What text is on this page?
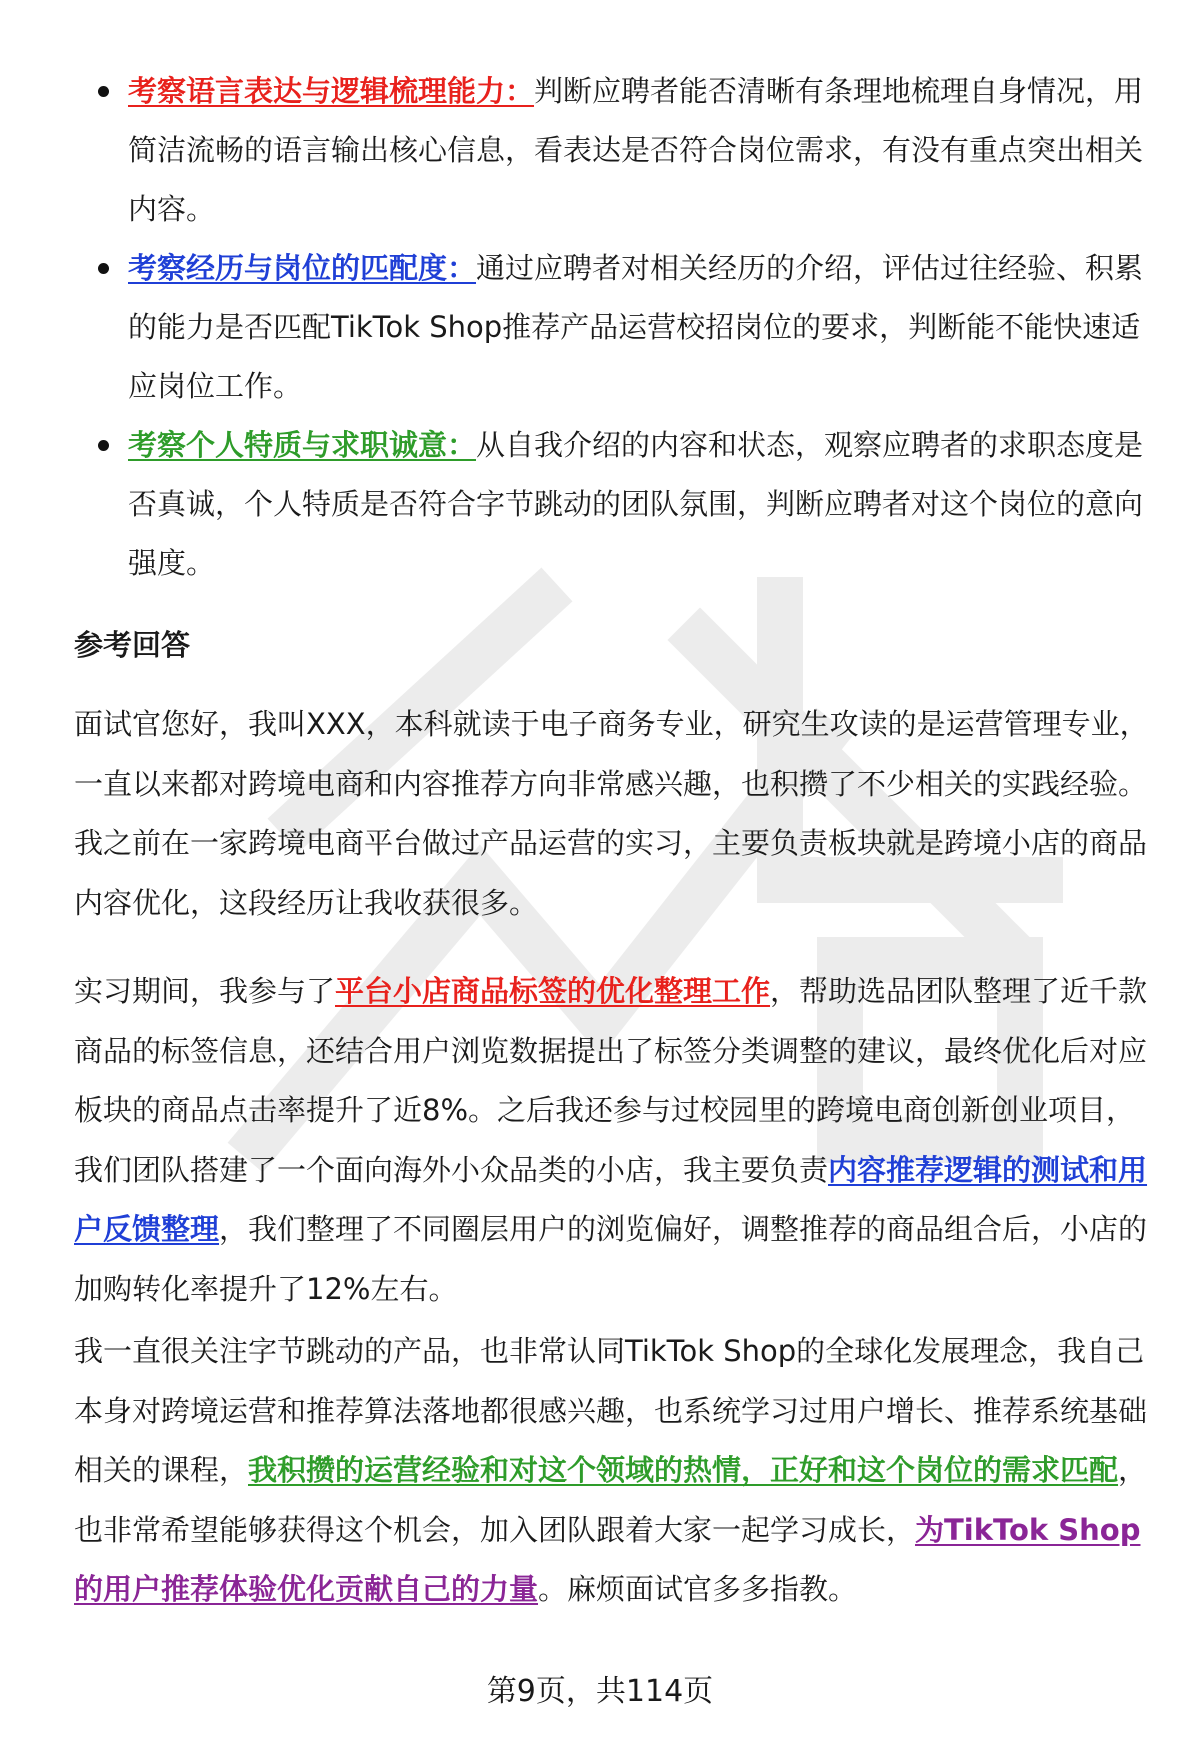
考察语言表达与逻辑梳理能力：判断应聘者能否清晰有条理地梳理自身情况，用简洁流畅的语言输出核心信息，看表达是否符合岗位需求，有没有重点突出相关内容。
考察经历与岗位的匹配度：通过应聘者对相关经历的介绍，评估过往经验、积累的能力是否匹配TikTok Shop推荐产品运营校招岗位的要求，判断能不能快速适应岗位工作。
考察个人特质与求职诚意：从自我介绍的内容和状态，观察应聘者的求职态度是否真诚，个人特质是否符合字节跳动的团队氛围，判断应聘者对这个岗位的意向强度。
参考回答

面试官您好，我叫XXX，本科就读于电子商务专业，研究生攻读的是运营管理专业，一直以来都对跨境电商和内容推荐方向非常感兴趣，也积攒了不少相关的实践经验。我之前在一家跨境电商平台做过产品运营的实习，主要负责板块就是跨境小店的商品内容优化，这段经历让我收获很多。

实习期间，我参与了平台小店商品标签的优化整理工作，帮助选品团队整理了近千款商品的标签信息，还结合用户浏览数据提出了标签分类调整的建议，最终优化后对应板块的商品点击率提升了近8%。之后我还参与过校园里的跨境电商创新创业项目，我们团队搭建了一个面向海外小众品类的小店，我主要负责内容推荐逻辑的测试和用户反馈整理，我们整理了不同圈层用户的浏览偏好，调整推荐的商品组合后，小店的加购转化率提升了12%左右。

我一直很关注字节跳动的产品，也非常认同TikTok Shop的全球化发展理念，我自己本身对跨境运营和推荐算法落地都很感兴趣，也系统学习过用户增长、推荐系统基础相关的课程，我积攒的运营经验和对这个领域的热情，正好和这个岗位的需求匹配，也非常希望能够获得这个机会，加入团队跟着大家一起学习成长，为TikTok Shop的用户推荐体验优化贡献自己的力量。麻烦面试官多多指教。

第9页，共114页
